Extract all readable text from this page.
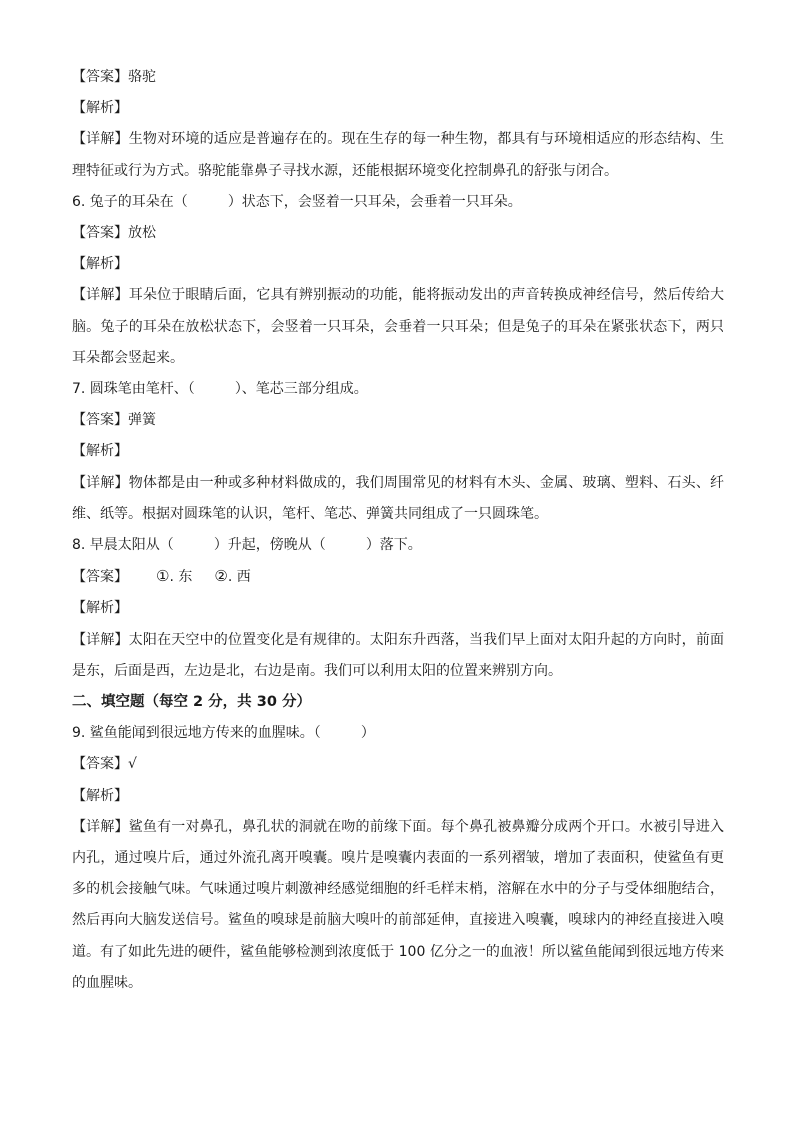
【答案】骆驼
【解析】
【详解】生物对环境的适应是普遍存在的。现在生存的每一种生物，都具有与环境相适应的形态结构、生理特征或行为方式。骆驼能靠鼻子寻找水源，还能根据环境变化控制鼻孔的舒张与闭合。
6. 兔子的耳朵在（	）状态下，会竖着一只耳朵，会垂着一只耳朵。
【答案】放松
【解析】
【详解】耳朵位于眼睛后面，它具有辨别振动的功能，能将振动发出的声音转换成神经信号，然后传给大脑。兔子的耳朵在放松状态下，会竖着一只耳朵，会垂着一只耳朵；但是兔子的耳朵在紧张状态下，两只耳朵都会竖起来。
7. 圆珠笔由笔杆、（	）、笔芯三部分组成。
【答案】弹簧
【解析】
【详解】物体都是由一种或多种材料做成的，我们周围常见的材料有木头、金属、玻璃、塑料、石头、纤维、纸等。根据对圆珠笔的认识，笔杆、笔芯、弹簧共同组成了一只圆珠笔。
8. 早晨太阳从（	）升起，傍晚从（	）落下。
【答案】 ①. 东 ②. 西
【解析】
【详解】太阳在天空中的位置变化是有规律的。太阳东升西落，当我们早上面对太阳升起的方向时，前面是东，后面是西，左边是北，右边是南。我们可以利用太阳的位置来辨别方向。
二、填空题（每空 2 分，共 30 分）
9. 鲨鱼能闻到很远地方传来的血腥味。（	）
【答案】√
【解析】
【详解】鲨鱼有一对鼻孔，鼻孔状的洞就在吻的前缘下面。每个鼻孔被鼻瓣分成两个开口。水被引导进入内孔，通过嗅片后，通过外流孔离开嗅囊。嗅片是嗅囊内表面的一系列褶皱，增加了表面积，使鲨鱼有更多的机会接触气味。气味通过嗅片刺激神经感觉细胞的纤毛样末梢，溶解在水中的分子与受体细胞结合，然后再向大脑发送信号。鲨鱼的嗅球是前脑大嗅叶的前部延伸，直接进入嗅囊，嗅球内的神经直接进入嗅道。有了如此先进的硬件，鲨鱼能够检测到浓度低于 100 亿分之一的血液！所以鲨鱼能闻到很远地方传来的血腥味。
